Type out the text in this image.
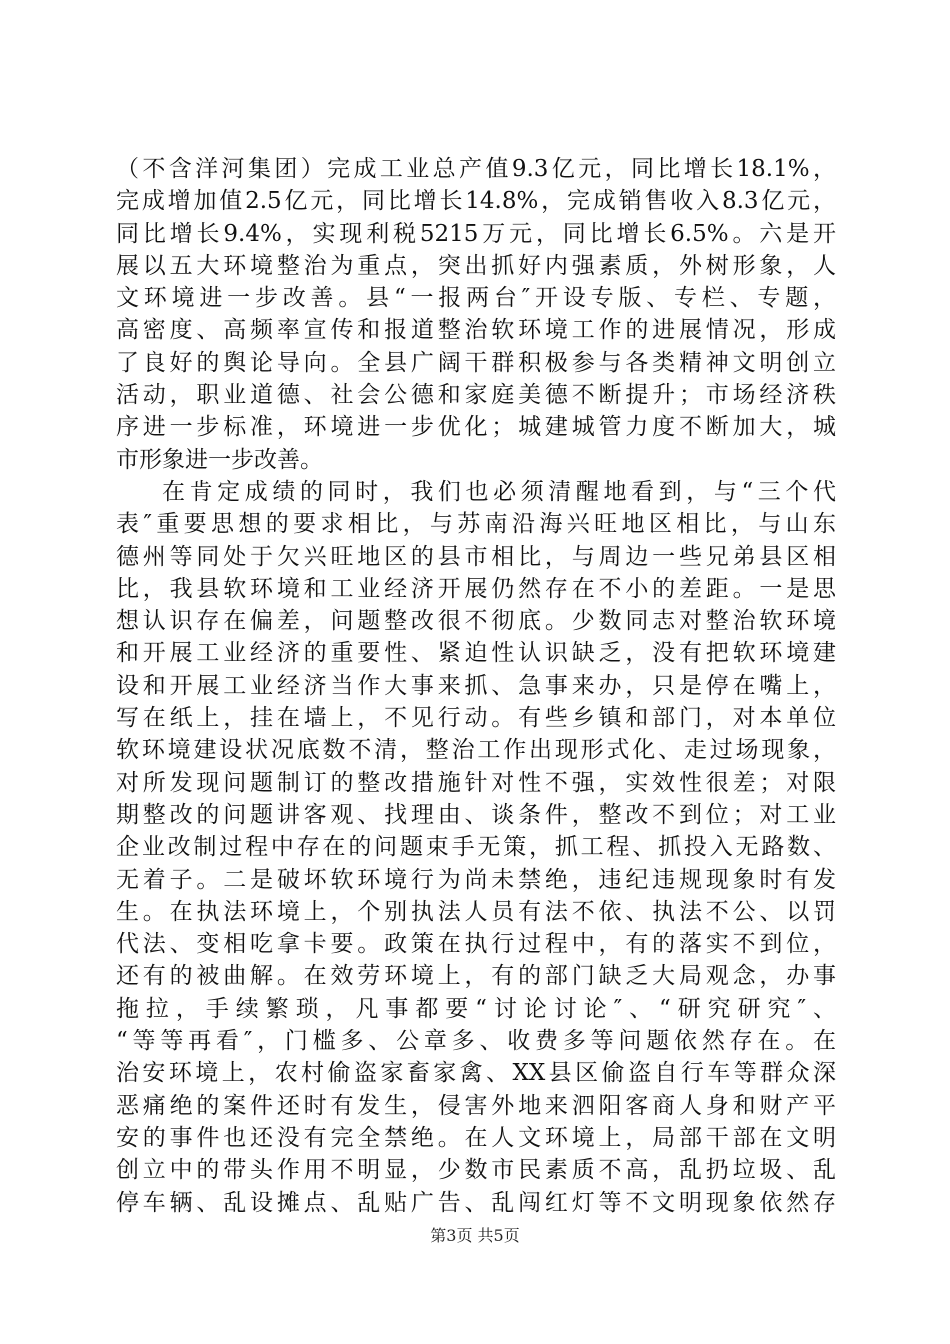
（不含洋河集团）完成工业总产值9.3亿元，同比增长18.1%，
完成增加值2.5亿元，同比增长14.8%，完成销售收入8.3亿元，
同比增长9.4%，实现利税5215万元，同比增长6.5%。六是开
展以五大环境整治为重点，突出抓好内强素质，外树形象，人
文环境进一步改善。县“一报两台″开设专版、专栏、专题，
高密度、高频率宣传和报道整治软环境工作的进展情况，形成
了良好的舆论导向。全县广阔干群积极参与各类精神文明创立
活动，职业道德、社会公德和家庭美德不断提升；市场经济秩
序进一步标准，环境进一步优化；城建城管力度不断加大，城
市形象进一步改善。
在肯定成绩的同时，我们也必须清醒地看到，与“三个代
表″重要思想的要求相比，与苏南沿海兴旺地区相比，与山东
德州等同处于欠兴旺地区的县市相比，与周边一些兄弟县区相
比，我县软环境和工业经济开展仍然存在不小的差距。一是思
想认识存在偏差，问题整改很不彻底。少数同志对整治软环境
和开展工业经济的重要性、紧迫性认识缺乏，没有把软环境建
设和开展工业经济当作大事来抓、急事来办，只是停在嘴上，
写在纸上，挂在墙上，不见行动。有些乡镇和部门，对本单位
软环境建设状况底数不清，整治工作出现形式化、走过场现象，
对所发现问题制订的整改措施针对性不强，实效性很差；对限
期整改的问题讲客观、找理由、谈条件，整改不到位；对工业
企业改制过程中存在的问题束手无策，抓工程、抓投入无路数、
无着子。二是破坏软环境行为尚未禁绝，违纪违规现象时有发
生。在执法环境上，个别执法人员有法不依、执法不公、以罚
代法、变相吃拿卡要。政策在执行过程中，有的落实不到位，
还有的被曲解。在效劳环境上，有的部门缺乏大局观念，办事
拖拉，手续繁琐，凡事都要“讨论讨论″、“研究研究″、
“等等再看″，门槛多、公章多、收费多等问题依然存在。在
治安环境上，农村偷盗家畜家禽、XX县区偷盗自行车等群众深
恶痛绝的案件还时有发生，侵害外地来泗阳客商人身和财产平
安的事件也还没有完全禁绝。在人文环境上，局部干部在文明
创立中的带头作用不明显，少数市民素质不高，乱扔垃圾、乱
停车辆、乱设摊点、乱贴广告、乱闯红灯等不文明现象依然存
第3页 共5页
